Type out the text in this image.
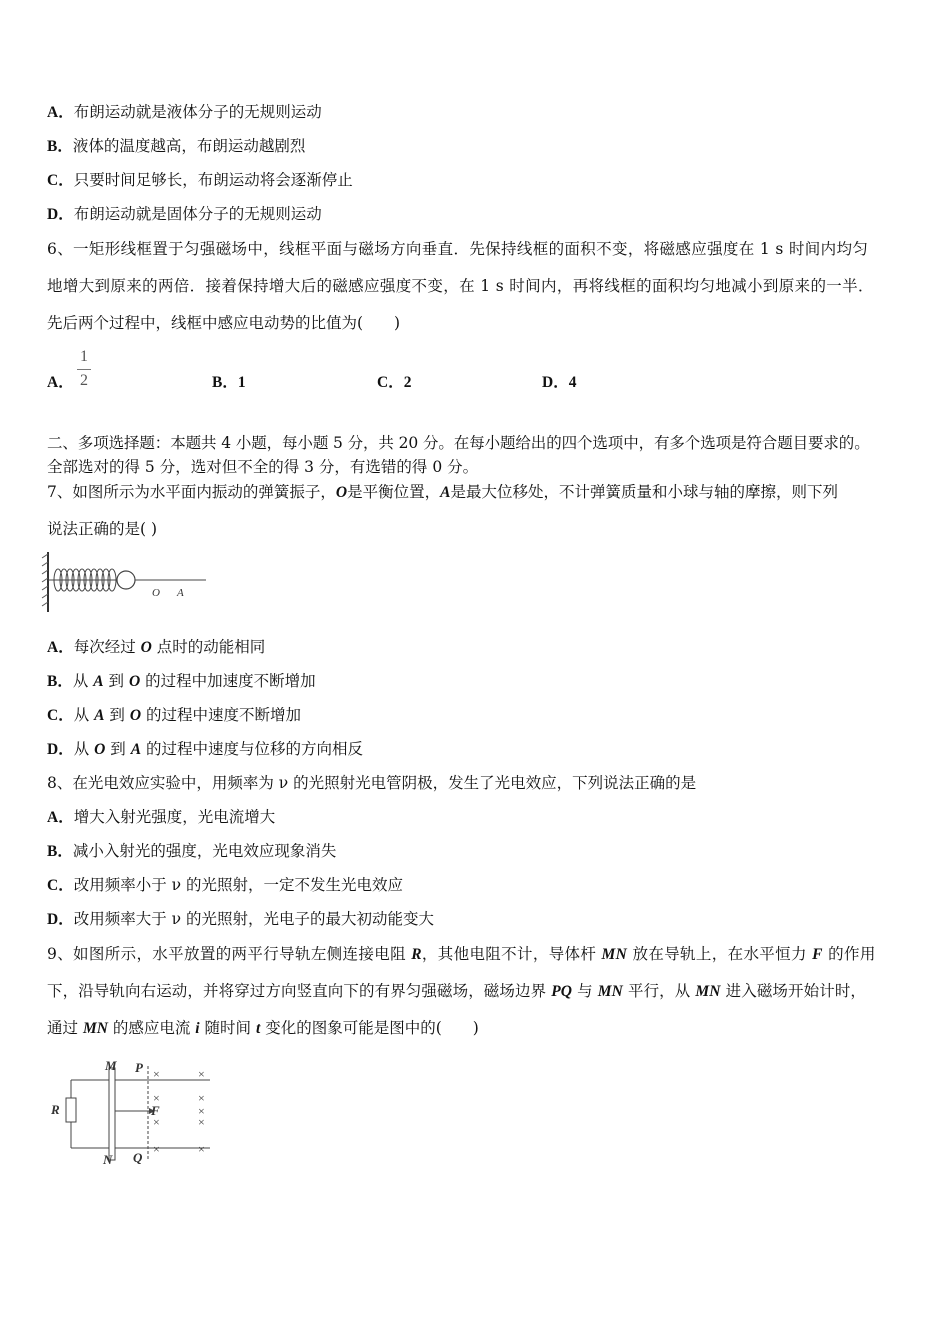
A．布朗运动就是液体分子的无规则运动
B．液体的温度越高，布朗运动越剧烈
C．只要时间足够长，布朗运动将会逐渐停止
D．布朗运动就是固体分子的无规则运动
6、一矩形线框置于匀强磁场中，线框平面与磁场方向垂直．先保持线框的面积不变，将磁感应强度在 1 s 时间内均匀
地增大到原来的两倍．接着保持增大后的磁感应强度不变，在 1 s 时间内，再将线框的面积均匀地减小到原来的一半．
先后两个过程中，线框中感应电动势的比值为(　　)
A．
1
2	B．1	C．2	D．4
二、多项选择题：本题共 4 小题，每小题 5 分，共 20 分。在每小题给出的四个选项中，有多个选项是符合题目要求的。
全部选对的得 5 分，选对但不全的得 3 分，有选错的得 0 分。
7、如图所示为水平面内振动的弹簧振子，O是平衡位置，A是最大位移处，不计弹簧质量和小球与轴的摩擦，则下列
说法正确的是( )
O A
A．每次经过 O 点时的动能相同
B．从 A 到 O 的过程中加速度不断增加
C．从 A 到 O 的过程中速度不断增加
D．从 O 到 A 的过程中速度与位移的方向相反
8、在光电效应实验中，用频率为 ν 的光照射光电管阴极，发生了光电效应，下列说法正确的是
A．增大入射光强度，光电流增大
B．减小入射光的强度，光电效应现象消失
C．改用频率小于 ν 的光照射，一定不发生光电效应
D．改用频率大于 ν 的光照射，光电子的最大初动能变大
9、如图所示，水平放置的两平行导轨左侧连接电阻 R，其他电阻不计，导体杆 MN 放在导轨上，在水平恒力 F 的作用
下，沿导轨向右运动，并将穿过方向竖直向下的有界匀强磁场，磁场边界 PQ 与 MN 平行，从 MN 进入磁场开始计时，
通过 MN 的感应电流 i 随时间 t 变化的图象可能是图中的(　　)
R
M
N
F
P
Q
×	×
×	×
×
×	×
×	×
